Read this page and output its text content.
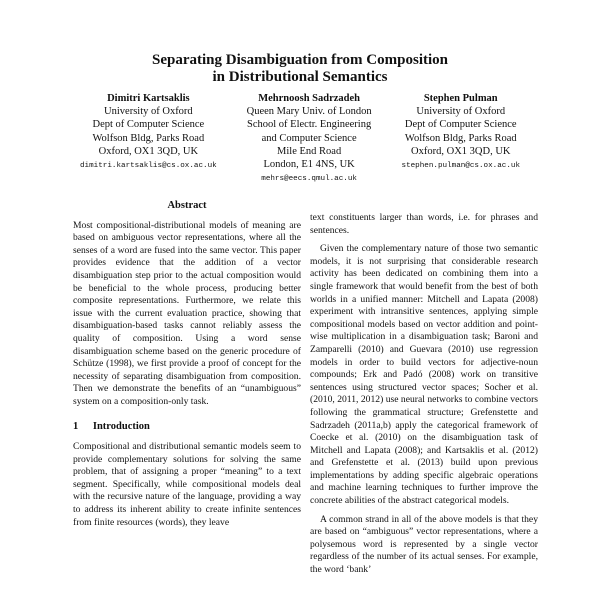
Separating Disambiguation from Composition
in Distributional Semantics
Dimitri Kartsaklis
University of Oxford
Dept of Computer Science
Wolfson Bldg, Parks Road
Oxford, OX1 3QD, UK
dimitri.kartsaklis@cs.ox.ac.uk
Mehrnoosh Sadrzadeh
Queen Mary Univ. of London
School of Electr. Engineering
and Computer Science
Mile End Road
London, E1 4NS, UK
mehrs@eecs.qmul.ac.uk
Stephen Pulman
University of Oxford
Dept of Computer Science
Wolfson Bldg, Parks Road
Oxford, OX1 3QD, UK
stephen.pulman@cs.ox.ac.uk
Abstract

Most compositional-distributional models of meaning are based on ambiguous vector representations, where all the senses of a word are fused into the same vector. This paper provides evidence that the addition of a vector disambiguation step prior to the actual composition would be beneficial to the whole process, producing better composite representations. Furthermore, we relate this issue with the current evaluation practice, showing that disambiguation-based tasks cannot reliably assess the quality of composition. Using a word sense disambiguation scheme based on the generic procedure of Schütze (1998), we first provide a proof of concept for the necessity of separating disambiguation from composition. Then we demonstrate the benefits of an “unambiguous” system on a composition-only task.

1 Introduction

Compositional and distributional semantic models seem to provide complementary solutions for solving the same problem, that of assigning a proper “meaning” to a text segment. Specifically, while compositional models deal with the recursive nature of the language, providing a way to address its inherent ability to create infinite sentences from finite resources (words), they leave

text constituents larger than words, i.e. for phrases and sentences.

Given the complementary nature of those two semantic models, it is not surprising that considerable research activity has been dedicated on combining them into a single framework that would benefit from the best of both worlds in a unified manner: Mitchell and Lapata (2008) experiment with intransitive sentences, applying simple compositional models based on vector addition and point-wise multiplication in a disambiguation task; Baroni and Zamparelli (2010) and Guevara (2010) use regression models in order to build vectors for adjective-noun compounds; Erk and Padó (2008) work on transitive sentences using structured vector spaces; Socher et al. (2010, 2011, 2012) use neural networks to combine vectors following the grammatical structure; Grefenstette and Sadrzadeh (2011a,b) apply the categorical framework of Coecke et al. (2010) on the disambiguation task of Mitchell and Lapata (2008); and Kartsaklis et al. (2012) and Grefenstette et al. (2013) build upon previous implementations by adding specific algebraic operations and machine learning techniques to further improve the concrete abilities of the abstract categorical models.

A common strand in all of the above models is that they are based on “ambiguous” vector representations, where a polysemous word is represented by a single vector regardless of the number of its actual senses. For example, the word ‘bank’
